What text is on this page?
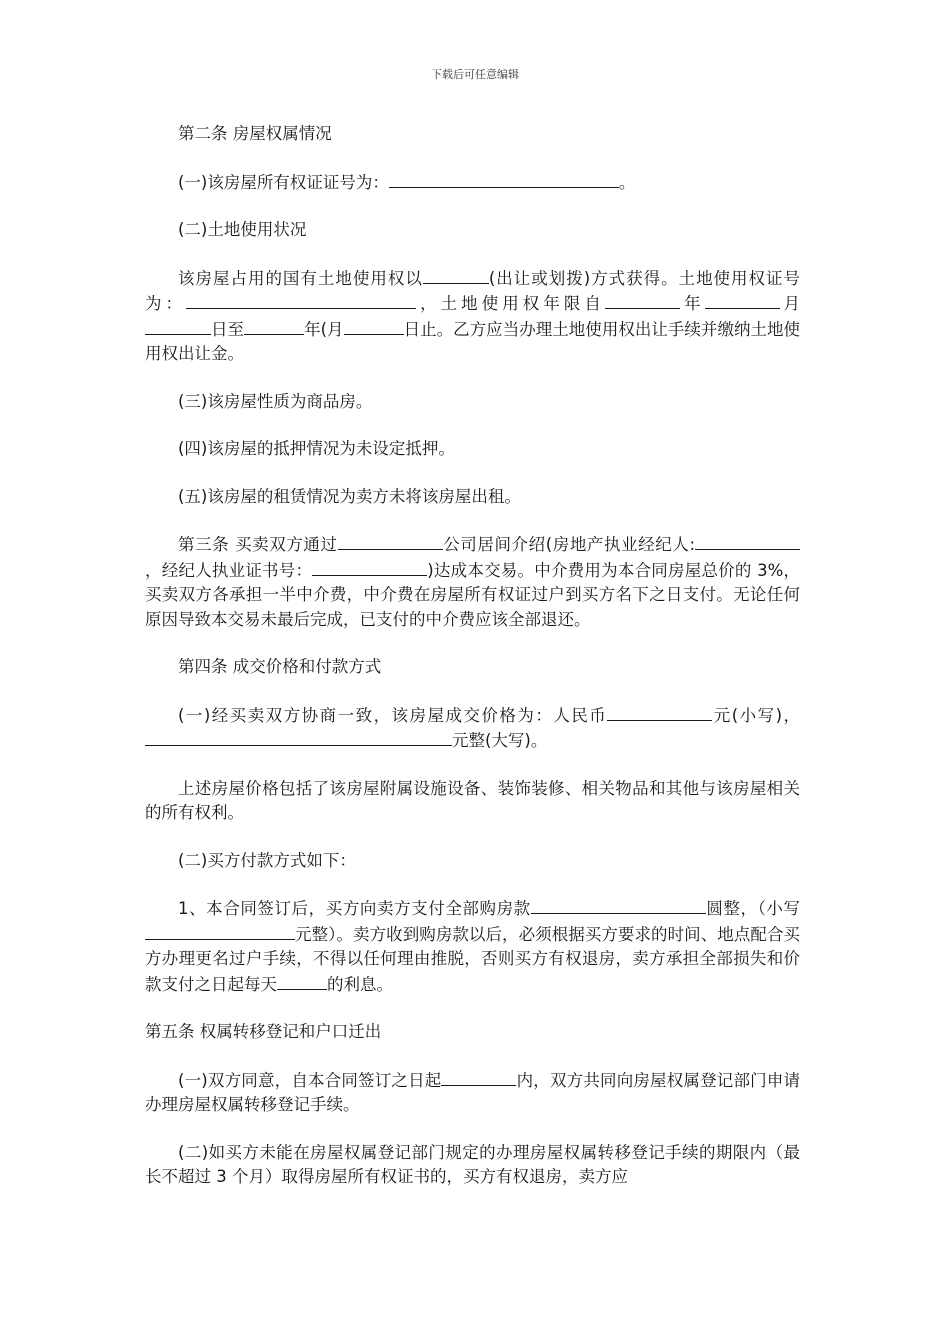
下载后可任意编辑

第二条 房屋权属情况

(一)该房屋所有权证证号为：	。

(二)土地使用状况

该房屋占用的国有土地使用权以	(出让或划拨)方式获得。土地使用权证号为：	，土地使用权年限自	年	月日至	年(月	日止。乙方应当办理土地使用权出让手续并缴纳土地使用权出让金。

(三)该房屋性质为商品房。

(四)该房屋的抵押情况为未设定抵押。

(五)该房屋的租赁情况为卖方未将该房屋出租。

第三条 买卖双方通过	公司居间介绍(房地产执业经纪人:，经纪人执业证书号：	)达成本交易。中介费用为本合同房屋总价的 3%，买卖双方各承担一半中介费，中介费在房屋所有权证过户到买方名下之日支付。无论任何原因导致本交易未最后完成，已支付的中介费应该全部退还。

第四条 成交价格和付款方式

(一)经买卖双方协商一致，该房屋成交价格为：人民币	元(小写)，元整(大写)。

上述房屋价格包括了该房屋附属设施设备、装饰装修、相关物品和其他与该房屋相关的所有权利。

(二)买方付款方式如下：

1、本合同签订后，买方向卖方支付全部购房款	圆整，（小写元整）。卖方收到购房款以后，必须根据买方要求的时间、地点配合买方办理更名过户手续，不得以任何理由推脱，否则买方有权退房，卖方承担全部损失和价款支付之日起每天	的利息。

第五条 权属转移登记和户口迁出

(一)双方同意，自本合同签订之日起	内，双方共同向房屋权属登记部门申请办理房屋权属转移登记手续。

(二)如买方未能在房屋权属登记部门规定的办理房屋权属转移登记手续的期限内（最长不超过 3 个月）取得房屋所有权证书的，买方有权退房，卖方应
